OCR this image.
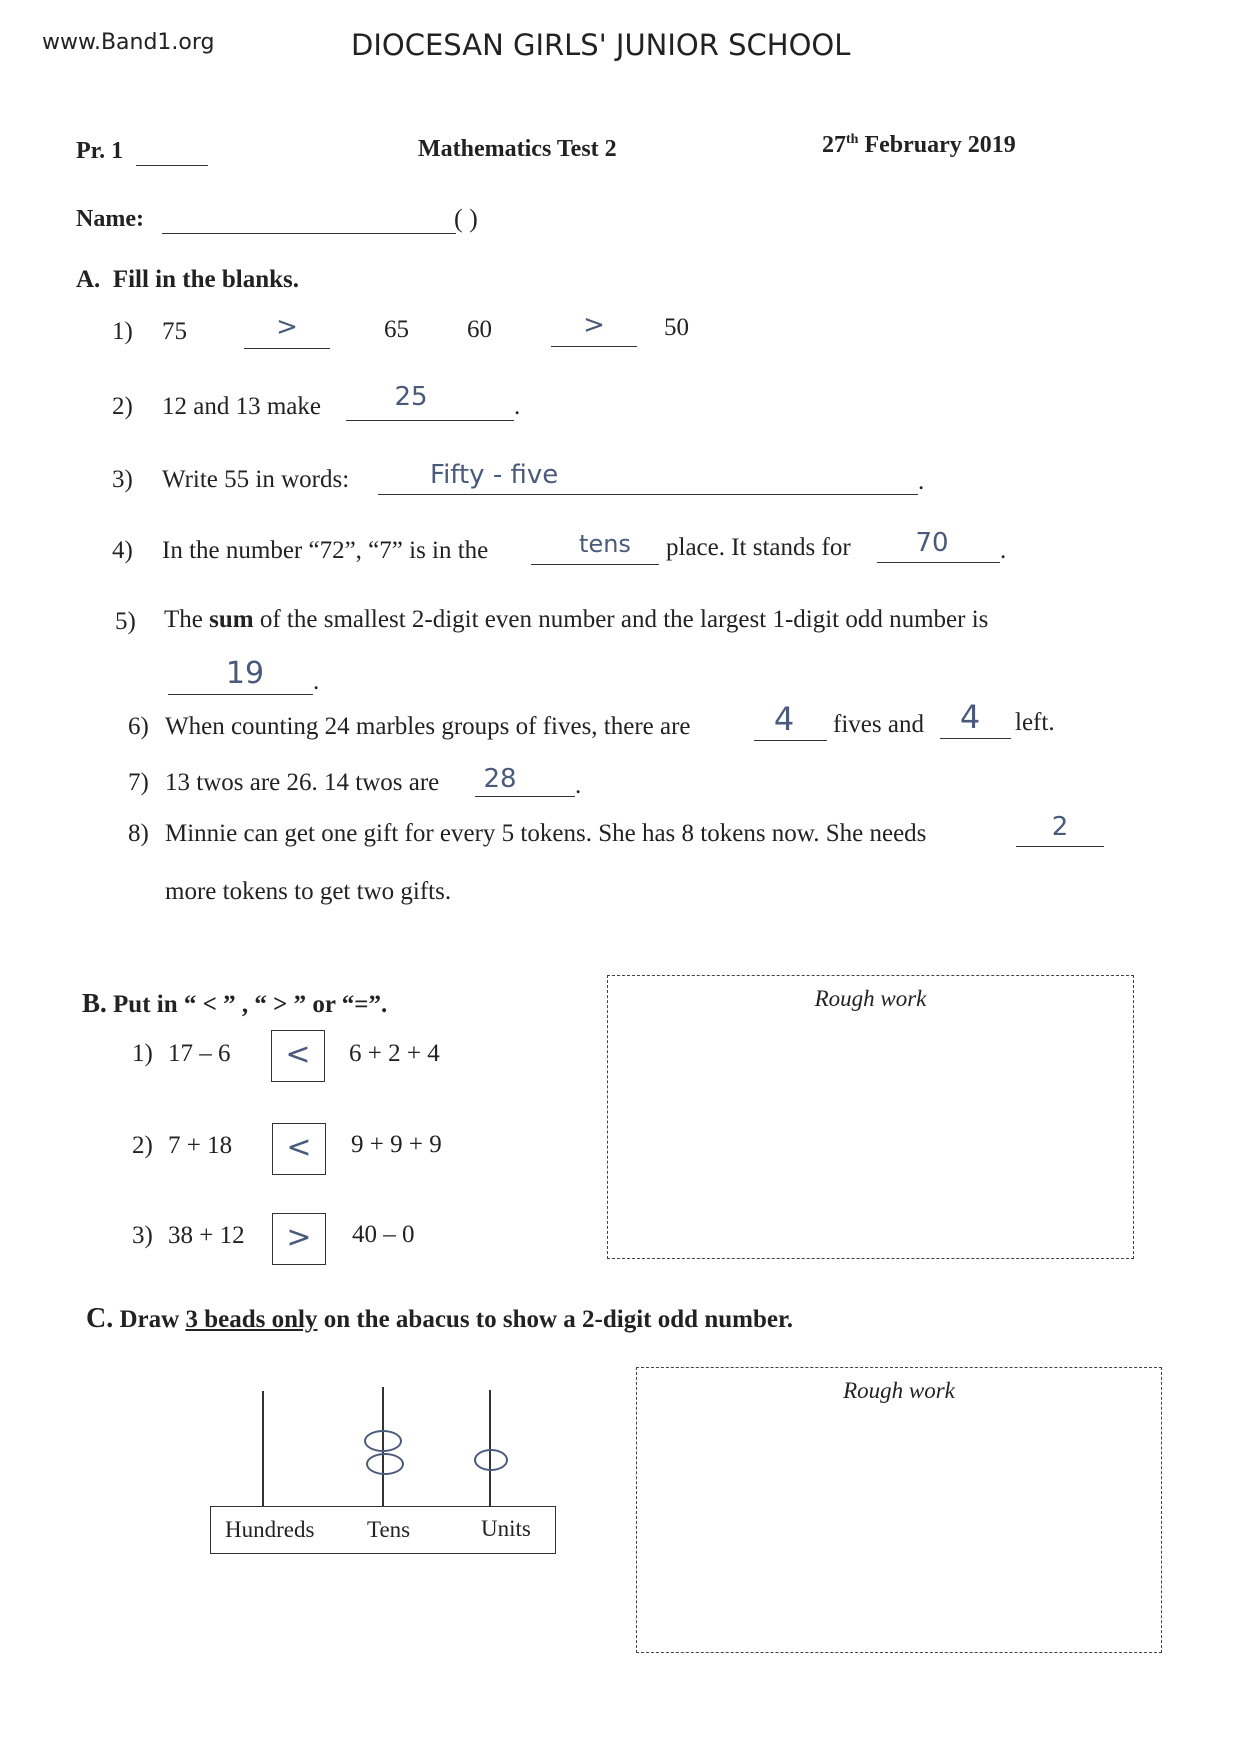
www.Band1.org	DIOCESAN GIRLS' JUNIOR SCHOOL
Pr. 1	Mathematics Test 2	27th February 2019
Name:	( )
A. Fill in the blanks.
1) 75	>	65 60	>	50
2) 12 and 13 make	25	.
3) Write 55 in words:	Fifty - five	.
4) In the number “72”, “7” is in the	tens	place. It stands for	70	.
5) The sum of the smallest 2-digit even number and the largest 1-digit odd number is
19	.
6) When counting 24 marbles groups of fives, there are	4	fives and	4	left.
7) 13 twos are 26. 14 twos are	28	.
8) Minnie can get one gift for every 5 tokens. She has 8 tokens now. She needs	2
more tokens to get two gifts.
B. Put in “ < ” , “ > ” or “=”.	Rough work
1) 17 – 6	<	6 + 2 + 4
2) 7 + 18	<	9 + 9 + 9
3) 38 + 12	>	40 – 0
C. Draw 3 beads only on the abacus to show a 2-digit odd number.
Hundreds Tens	Units
Rough work
